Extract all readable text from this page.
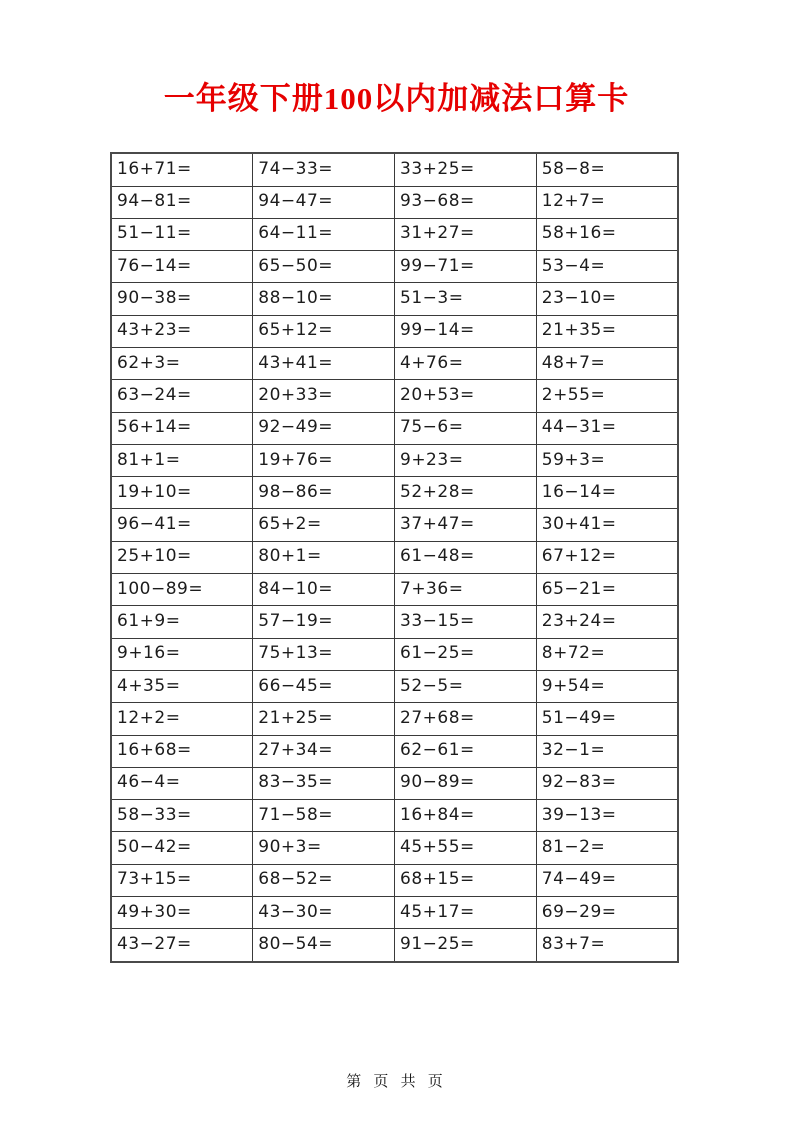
一年级下册100以内加减法口算卡
16+71=	74−33=	33+25=	58−8=
94−81=	94−47=	93−68=	12+7=
51−11=	64−11=	31+27=	58+16=
76−14=	65−50=	99−71=	53−4=
90−38=	88−10=	51−3=	23−10=
43+23=	65+12=	99−14=	21+35=
62+3=	43+41=	4+76=	48+7=
63−24=	20+33=	20+53=	2+55=
56+14=	92−49=	75−6=	44−31=
81+1=	19+76=	9+23=	59+3=
19+10=	98−86=	52+28=	16−14=
96−41=	65+2=	37+47=	30+41=
25+10=	80+1=	61−48=	67+12=
100−89=	84−10=	7+36=	65−21=
61+9=	57−19=	33−15=	23+24=
9+16=	75+13=	61−25=	8+72=
4+35=	66−45=	52−5=	9+54=
12+2=	21+25=	27+68=	51−49=
16+68=	27+34=	62−61=	32−1=
46−4=	83−35=	90−89=	92−83=
58−33=	71−58=	16+84=	39−13=
50−42=	90+3=	45+55=	81−2=
73+15=	68−52=	68+15=	74−49=
49+30=	43−30=	45+17=	69−29=
43−27=	80−54=	91−25=	83+7=
第 页 共 页
